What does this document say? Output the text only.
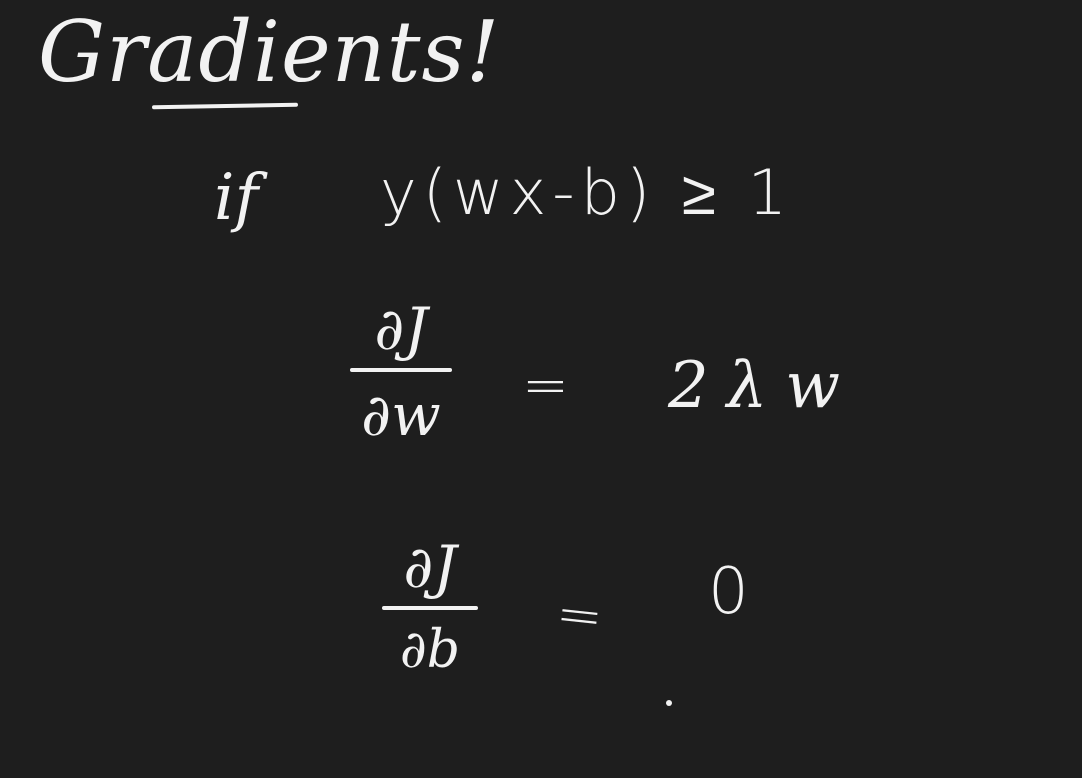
Gradients!
if y(wx-b) ≥ 1
∂J
∂w = 2λw
∂J
∂b = 0
